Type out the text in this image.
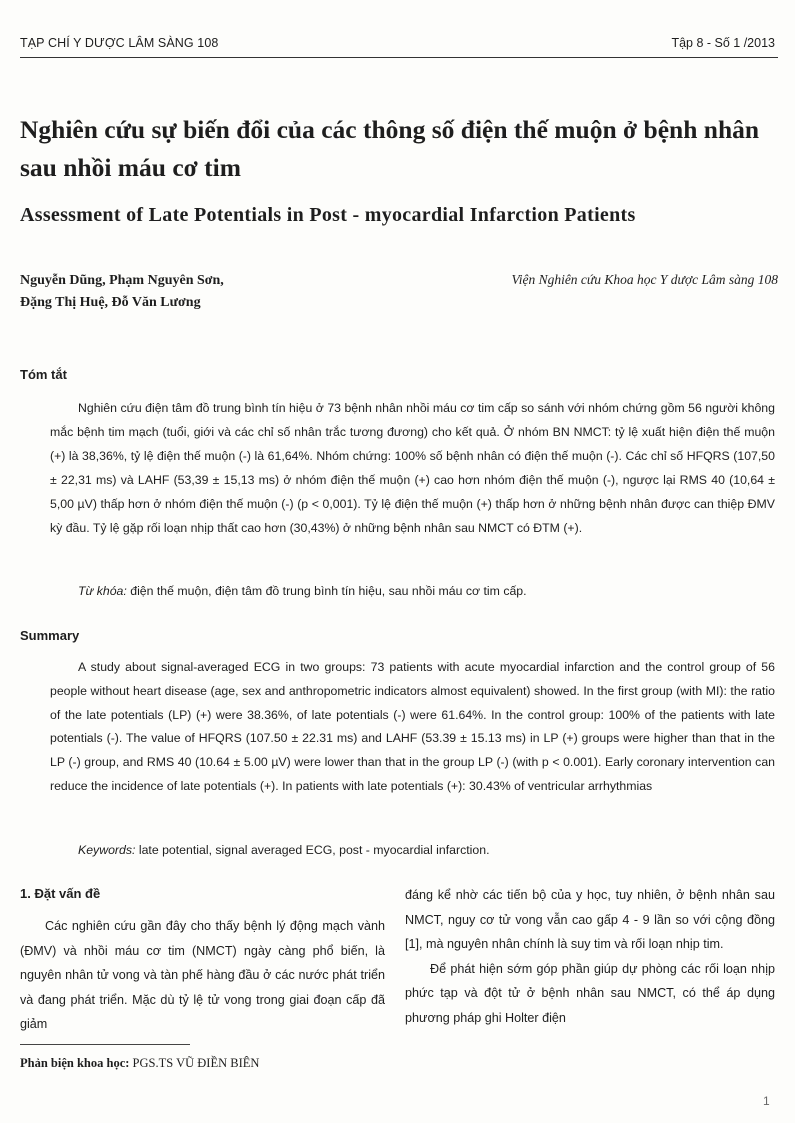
TẠP CHÍ Y DƯỢC LÂM SÀNG 108	Tập 8 - Số 1 /2013
Nghiên cứu sự biến đổi của các thông số điện thế muộn ở bệnh nhân sau nhồi máu cơ tim
Assessment of Late Potentials in Post - myocardial Infarction Patients
Nguyễn Dũng, Phạm Nguyên Sơn,
Đặng Thị Huệ, Đỗ Văn Lương
Viện Nghiên cứu Khoa học Y dược Lâm sàng 108
Tóm tắt
Nghiên cứu điện tâm đồ trung bình tín hiệu ở 73 bệnh nhân nhồi máu cơ tim cấp so sánh với nhóm chứng gồm 56 người không mắc bệnh tim mạch (tuổi, giới và các chỉ số nhân trắc tương đương) cho kết quả. Ở nhóm BN NMCT: tỷ lệ xuất hiện điện thế muộn (+) là 38,36%, tỷ lệ điện thế muộn (-) là 61,64%. Nhóm chứng: 100% số bệnh nhân có điện thế muộn (-). Các chỉ số HFQRS (107,50 ± 22,31 ms) và LAHF (53,39 ± 15,13 ms) ở nhóm điện thế muộn (+) cao hơn nhóm điện thế muộn (-), ngược lại RMS 40 (10,64 ± 5,00 µV) thấp hơn ở nhóm điện thế muộn (-) (p < 0,001). Tỷ lệ điện thế muộn (+) thấp hơn ở những bệnh nhân được can thiệp ĐMV kỳ đầu. Tỷ lệ gặp rối loạn nhịp thất cao hơn (30,43%) ở những bệnh nhân sau NMCT có ĐTM (+).
Từ khóa: điện thế muộn, điện tâm đồ trung bình tín hiệu, sau nhồi máu cơ tim cấp.
Summary
A study about signal-averaged ECG in two groups: 73 patients with acute myocardial infarction and the control group of 56 people without heart disease (age, sex and anthropometric indicators almost equivalent) showed. In the first group (with MI): the ratio of the late potentials (LP) (+) were 38.36%, of late potentials (-) were 61.64%. In the control group: 100% of the patients with late potentials (-). The value of HFQRS (107.50 ± 22.31 ms) and LAHF (53.39 ± 15.13 ms) in LP (+) groups were higher than that in the LP (-) group, and RMS 40 (10.64 ± 5.00 µV) were lower than that in the group LP (-) (with p < 0.001). Early coronary intervention can reduce the incidence of late potentials (+). In patients with late potentials (+): 30.43% of ventricular arrhythmias
Keywords: late potential, signal averaged ECG, post - myocardial infarction.
1. Đặt vấn đề
Các nghiên cứu gần đây cho thấy bệnh lý động mạch vành (ĐMV) và nhồi máu cơ tim (NMCT) ngày càng phổ biến, là nguyên nhân tử vong và tàn phế hàng đầu ở các nước phát triển và đang phát triển. Mặc dù tỷ lệ tử vong trong giai đoạn cấp đã giảm

đáng kể nhờ các tiến bộ của y học, tuy nhiên, ở bệnh nhân sau NMCT, nguy cơ tử vong vẫn cao gấp 4 - 9 lần so với cộng đồng [1], mà nguyên nhân chính là suy tim và rối loạn nhịp tim.

Để phát hiện sớm góp phần giúp dự phòng các rối loạn nhịp phức tạp và đột tử ở bệnh nhân sau NMCT, có thể áp dụng phương pháp ghi Holter điện

Phản biện khoa học: PGS.TS VŨ ĐIỀN BIÊN
1
